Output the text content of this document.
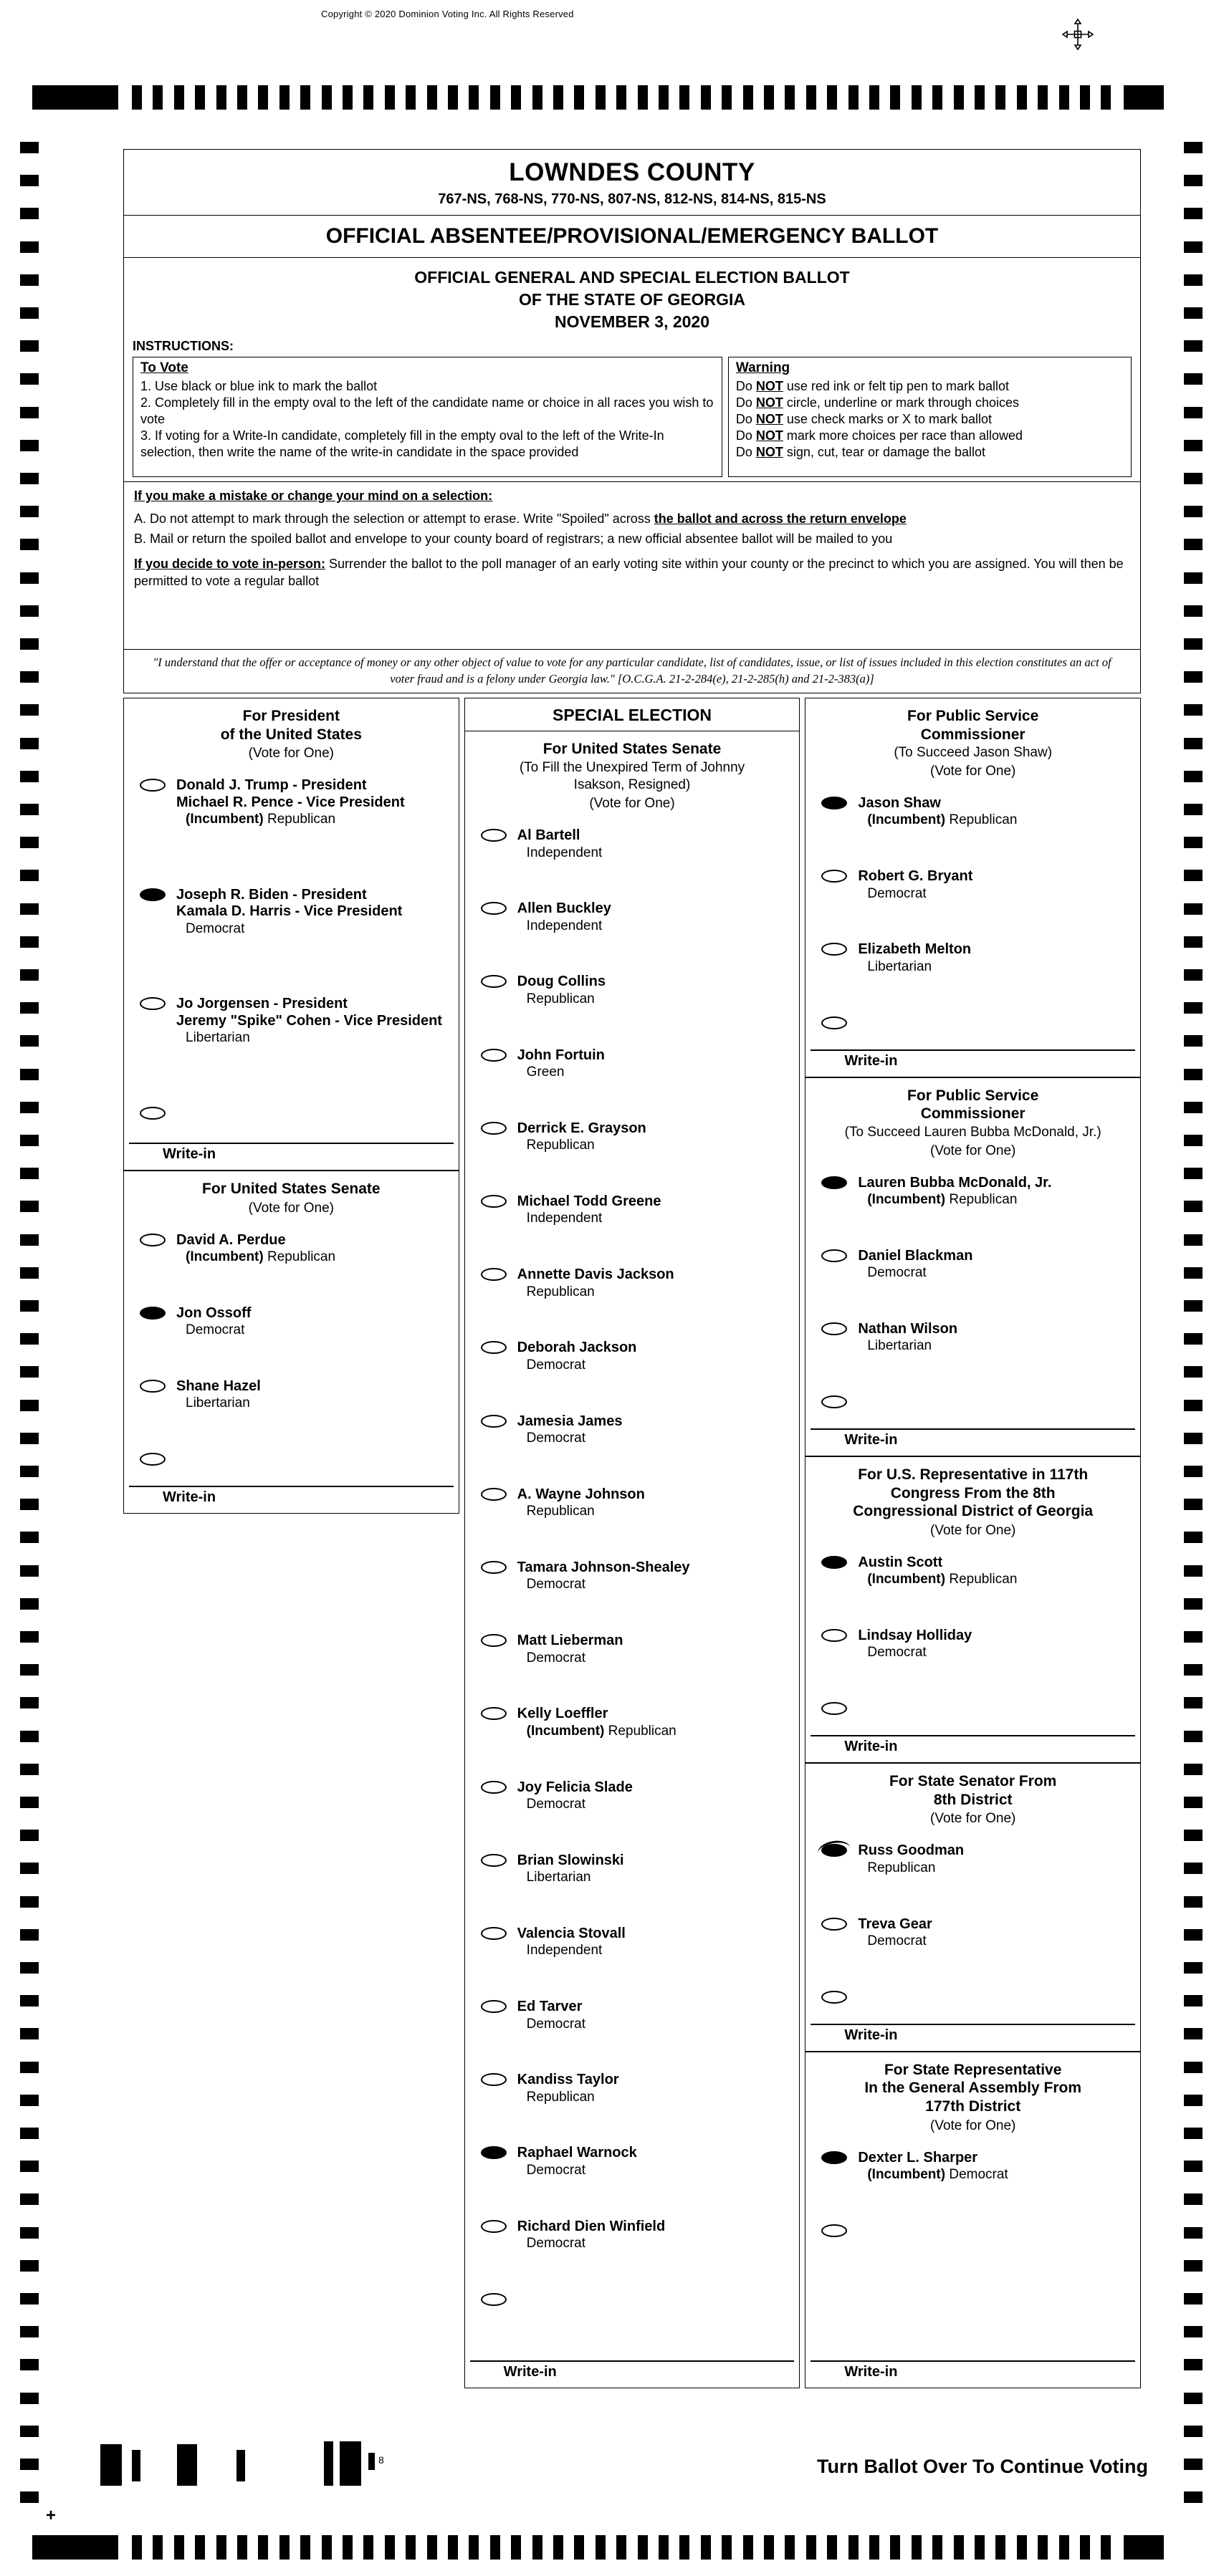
Copyright © 2020 Dominion Voting Inc. All Rights Reserved
LOWNDES COUNTY
767-NS, 768-NS, 770-NS, 807-NS, 812-NS, 814-NS, 815-NS
OFFICIAL ABSENTEE/PROVISIONAL/EMERGENCY BALLOT
OFFICIAL GENERAL AND SPECIAL ELECTION BALLOT
OF THE STATE OF GEORGIA
NOVEMBER 3, 2020
INSTRUCTIONS:
To Vote
1. Use black or blue ink to mark the ballot
2. Completely fill in the empty oval to the left of the candidate name or choice in all races you wish to vote
3. If voting for a Write-In candidate, completely fill in the empty oval to the left of the Write-In selection, then write the name of the write-in candidate in the space provided
Warning
Do NOT use red ink or felt tip pen to mark ballot
Do NOT circle, underline or mark through choices
Do NOT use check marks or X to mark ballot
Do NOT mark more choices per race than allowed
Do NOT sign, cut, tear or damage the ballot
If you make a mistake or change your mind on a selection:
A. Do not attempt to mark through the selection or attempt to erase. Write "Spoiled" across the ballot and across the return envelope
B. Mail or return the spoiled ballot and envelope to your county board of registrars; a new official absentee ballot will be mailed to you
If you decide to vote in-person: Surrender the ballot to the poll manager of an early voting site within your county or the precinct to which you are assigned. You will then be permitted to vote a regular ballot
"I understand that the offer or acceptance of money or any other object of value to vote for any particular candidate, list of candidates, issue, or list of issues included in this election constitutes an act of voter fraud and is a felony under Georgia law." [O.C.G.A. 21-2-284(e), 21-2-285(h) and 21-2-383(a)]
For President
of the United States
(Vote for One)
Donald J. Trump - President
Michael R. Pence - Vice President
(Incumbent) Republican
Joseph R. Biden - President
Kamala D. Harris - Vice President
Democrat
Jo Jorgensen - President
Jeremy "Spike" Cohen - Vice President
Libertarian
Write-in
For United States Senate
(Vote for One)
David A. Perdue
(Incumbent) Republican
Jon Ossoff
Democrat
Shane Hazel
Libertarian
Write-in
SPECIAL ELECTION
For United States Senate
(To Fill the Unexpired Term of Johnny
Isakson, Resigned)
(Vote for One)
Al Bartell
Independent
Allen Buckley
Independent
Doug Collins
Republican
John Fortuin
Green
Derrick E. Grayson
Republican
Michael Todd Greene
Independent
Annette Davis Jackson
Republican
Deborah Jackson
Democrat
Jamesia James
Democrat
A. Wayne Johnson
Republican
Tamara Johnson-Shealey
Democrat
Matt Lieberman
Democrat
Kelly Loeffler
(Incumbent) Republican
Joy Felicia Slade
Democrat
Brian Slowinski
Libertarian
Valencia Stovall
Independent
Ed Tarver
Democrat
Kandiss Taylor
Republican
Raphael Warnock
Democrat
Richard Dien Winfield
Democrat
Write-in
For Public Service
Commissioner
(To Succeed Jason Shaw)
(Vote for One)
Jason Shaw
(Incumbent) Republican
Robert G. Bryant
Democrat
Elizabeth Melton
Libertarian
Write-in
For Public Service
Commissioner
(To Succeed Lauren Bubba McDonald, Jr.)
(Vote for One)
Lauren Bubba McDonald, Jr.
(Incumbent) Republican
Daniel Blackman
Democrat
Nathan Wilson
Libertarian
Write-in
For U.S. Representative in 117th
Congress From the 8th
Congressional District of Georgia
(Vote for One)
Austin Scott
(Incumbent) Republican
Lindsay Holliday
Democrat
Write-in
For State Senator From
8th District
(Vote for One)
Russ Goodman
Republican
Treva Gear
Democrat
Write-in
For State Representative
In the General Assembly From
177th District
(Vote for One)
Dexter L. Sharper
(Incumbent) Democrat
Write-in
8
+
Turn Ballot Over To Continue Voting
